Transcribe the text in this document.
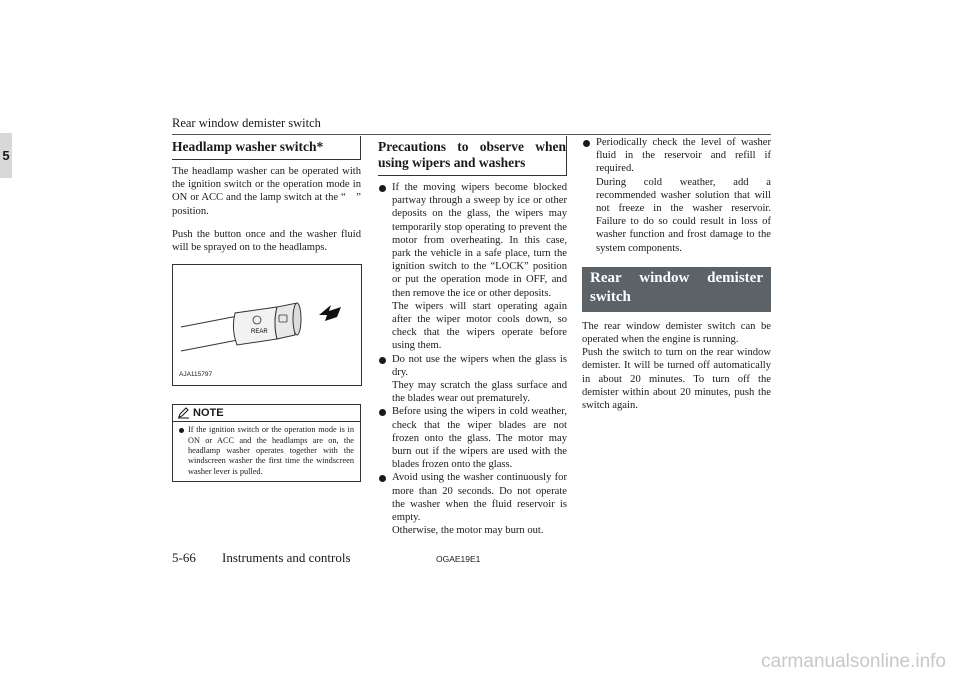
Rear window demister switch
5
Headlamp washer switch*

The headlamp washer can be operated with the ignition switch or the operation mode in ON or ACC and the lamp switch at the “ ” position.

Push the button once and the washer fluid will be sprayed on to the headlamps.

REAR
AJA115797
NOTE
If the ignition switch or the operation mode is in ON or ACC and the headlamps are on, the headlamp washer operates together with the windscreen washer the first time the windscreen washer lever is pulled.
Precautions to observe when using wipers and washers
If the moving wipers become blocked partway through a sweep by ice or other deposits on the glass, the wipers may temporarily stop operating to prevent the motor from overheating. In this case, park the vehicle in a safe place, turn the ignition switch to the “LOCK” position or put the operation mode in OFF, and then remove the ice or other deposits.
The wipers will start operating again after the wiper motor cools down, so check that the wipers operate before using them.
Do not use the wipers when the glass is dry.
They may scratch the glass surface and the blades wear out prematurely.
Before using the wipers in cold weather, check that the wiper blades are not frozen onto the glass. The motor may burn out if the wipers are used with the blades frozen onto the glass.
Avoid using the washer continuously for more than 20 seconds. Do not operate the washer when the fluid reservoir is empty.
Otherwise, the motor may burn out.
Periodically check the level of washer fluid in the reservoir and refill if required.
During cold weather, add a recommended washer solution that will not freeze in the washer reservoir. Failure to do so could result in loss of washer function and frost damage to the system components.
Rear window demister switch

The rear window demister switch can be operated when the engine is running.

Push the switch to turn on the rear window demister. It will be turned off automatically in about 20 minutes. To turn off the demister within about 20 minutes, push the switch again.

5-66 Instruments and controls	OGAE19E1
carmanualsonline.info
